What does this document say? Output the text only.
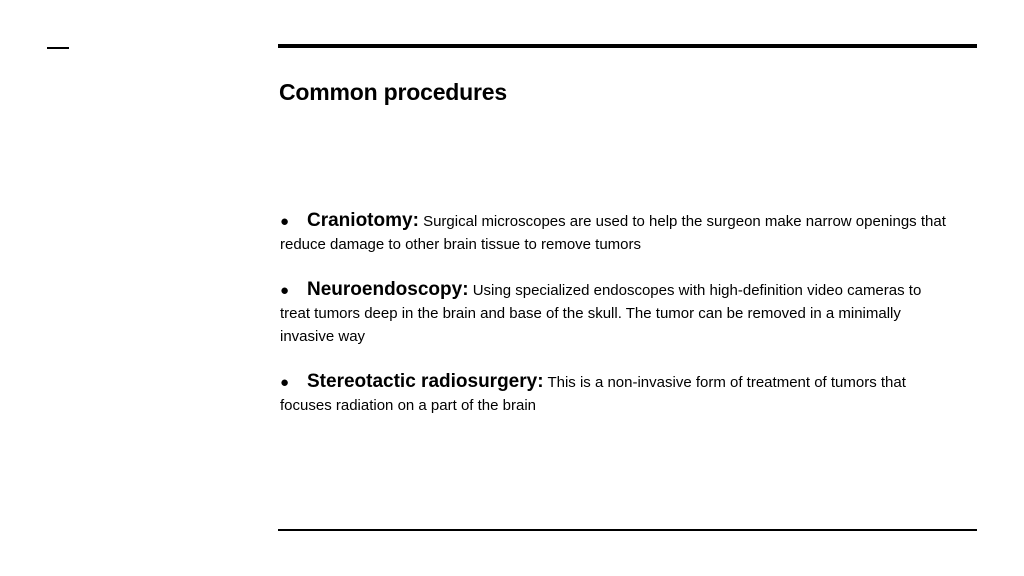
Common procedures
● Craniotomy: Surgical microscopes are used to help the surgeon make narrow openings that reduce damage to other brain tissue to remove tumors
● Neuroendoscopy: Using specialized endoscopes with high-definition video cameras to treat tumors deep in the brain and base of the skull. The tumor can be removed in a minimally invasive way
● Stereotactic radiosurgery: This is a non-invasive form of treatment of tumors that focuses radiation on a part of the brain
